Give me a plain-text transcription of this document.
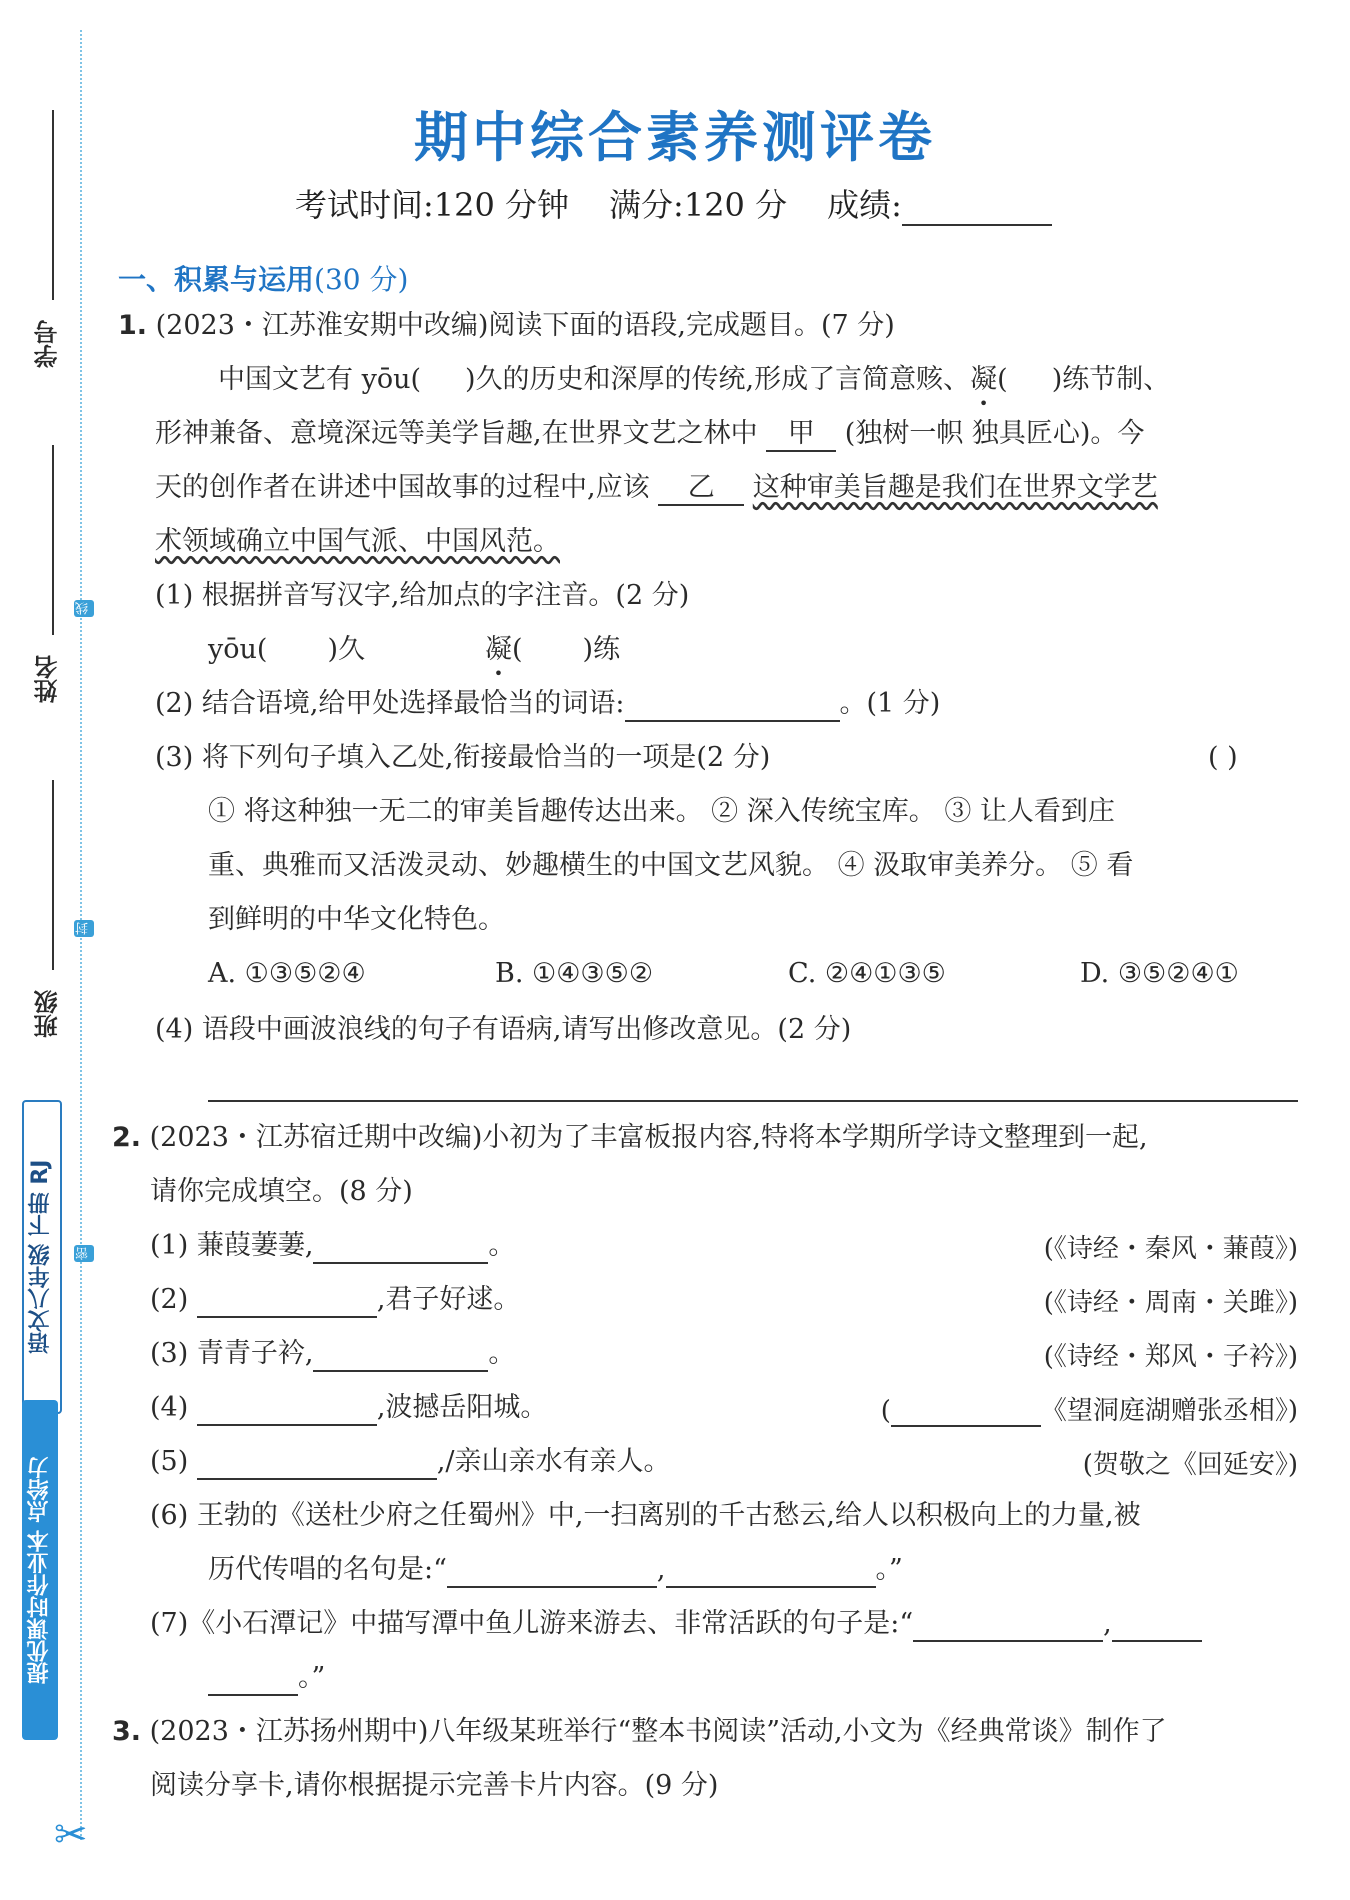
学号
姓名
班级
线
封
密
语文八年级 下册 RJ
提优课时作业本 点给力
✂
期中综合素养测评卷
考试时间:120 分钟 满分:120 分 成绩:
一、积累与运用(30 分)
1. (2023・江苏淮安期中改编)阅读下面的语段,完成题目。(7 分)
中国文艺有 yōu( )久的历史和深厚的传统,形成了言简意赅、凝( )练节制、
形神兼备、意境深远等美学旨趣,在世界文艺之林中 甲 (独树一帜 独具匠心)。今
天的创作者在讲述中国故事的过程中,应该 乙 这种审美旨趣是我们在世界文学艺
术领域确立中国气派、中国风范。
(1) 根据拼音写汉字,给加点的字注音。(2 分)
yōu( )久	凝( )练
(2) 结合语境,给甲处选择最恰当的词语:	。(1 分)
(3) 将下列句子填入乙处,衔接最恰当的一项是(2 分)	( )
① 将这种独一无二的审美旨趣传达出来。 ② 深入传统宝库。 ③ 让人看到庄
重、典雅而又活泼灵动、妙趣横生的中国文艺风貌。 ④ 汲取审美养分。 ⑤ 看
到鲜明的中华文化特色。
A. ①③⑤②④	B. ①④③⑤②	C. ②④①③⑤	D. ③⑤②④①
(4) 语段中画波浪线的句子有语病,请写出修改意见。(2 分)
2. (2023・江苏宿迁期中改编)小初为了丰富板报内容,特将本学期所学诗文整理到一起,
请你完成填空。(8 分)
(1) 蒹葭萋萋,	。	(《诗经・秦风・蒹葭》)
(2)	,君子好逑。	(《诗经・周南・关雎》)
(3) 青青子衿,	。	(《诗经・郑风・子衿》)
(4)	,波撼岳阳城。	(	《望洞庭湖赠张丞相》)
(5)	,/亲山亲水有亲人。	(贺敬之《回延安》)
(6) 王勃的《送杜少府之任蜀州》中,一扫离别的千古愁云,给人以积极向上的力量,被
历代传唱的名句是:“	,	。”
(7)《小石潭记》中描写潭中鱼儿游来游去、非常活跃的句子是:“	,
。”
3. (2023・江苏扬州期中)八年级某班举行“整本书阅读”活动,小文为《经典常谈》制作了
阅读分享卡,请你根据提示完善卡片内容。(9 分)
